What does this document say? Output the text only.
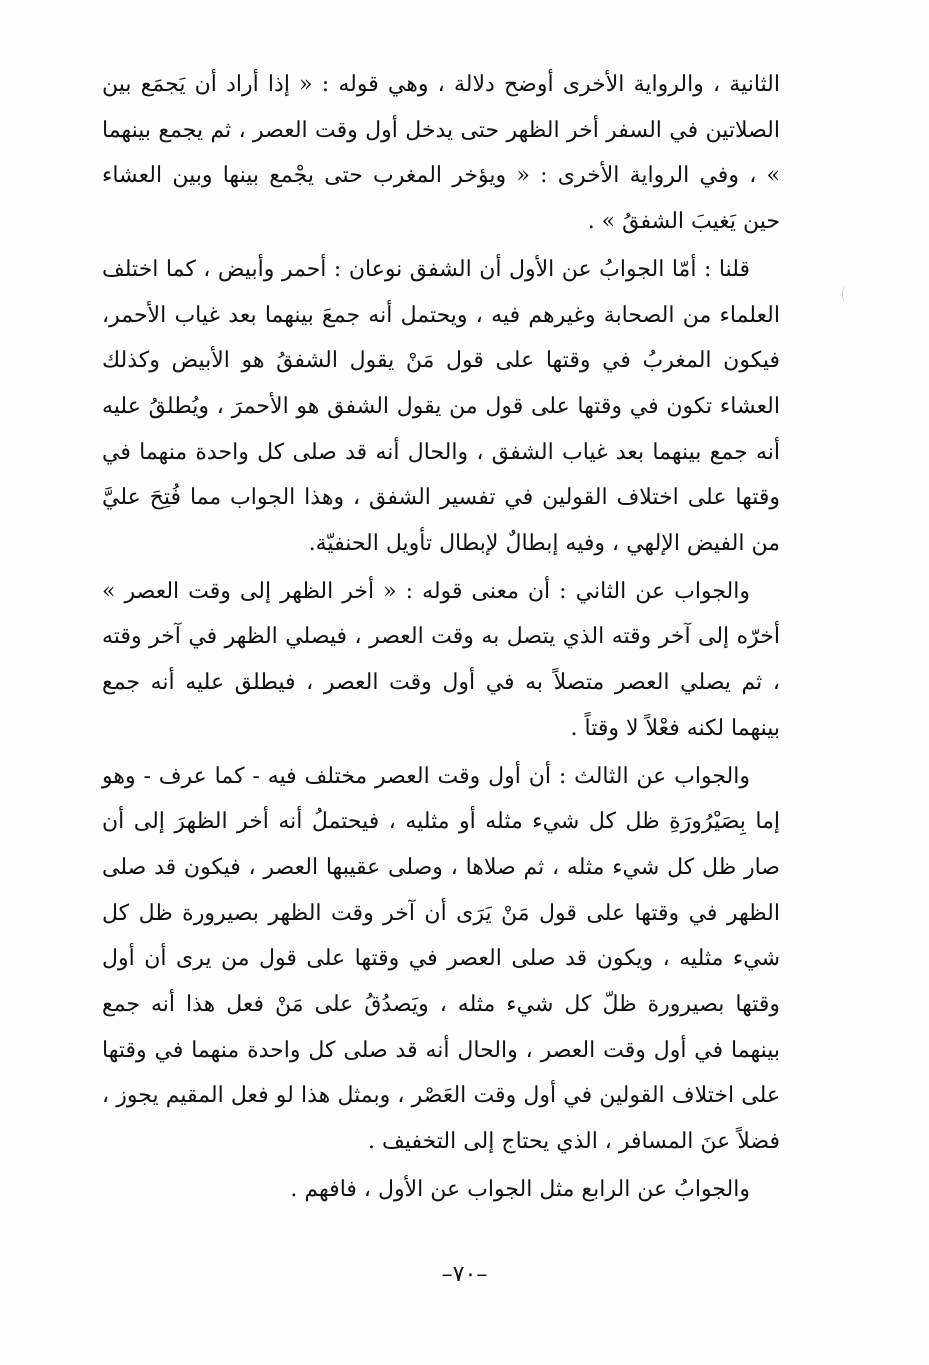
الثانية ، والرواية الأخرى أوضح دلالة ، وهي قوله : « إذا أراد أن يَجمَع بين الصلاتين في السفر أخر الظهر حتى يدخل أول وقت العصر ، ثم يجمع بينهما » ، وفي الرواية الأخرى : « ويؤخر المغرب حتى يجْمع بينها وبين العشاء حين يَغيبَ الشفقُ » .

قلنا : أمّا الجوابُ عن الأول أن الشفق نوعان : أحمر وأبيض ، كما اختلف العلماء من الصحابة وغيرهم فيه ، ويحتمل أنه جمعَ بينهما بعد غياب الأحمر، فيكون المغربُ في وقتها على قول مَنْ يقول الشفقُ هو الأبيض وكذلك العشاء تكون في وقتها على قول من يقول الشفق هو الأحمرَ ، ويُطلقُ عليه أنه جمع بينهما بعد غياب الشفق ، والحال أنه قد صلى كل واحدة منهما في وقتها على اختلاف القولين في تفسير الشفق ، وهذا الجواب مما فُتِحَ عليَّ من الفيض الإلهي ، وفيه إبطالٌ لإبطال تأويل الحنفيّة.

والجواب عن الثاني : أن معنى قوله : « أخر الظهر إلى وقت العصر » أخرّه إلى آخر وقته الذي يتصل به وقت العصر ، فيصلي الظهر في آخر وقته ، ثم يصلي العصر متصلاً به في أول وقت العصر ، فيطلق عليه أنه جمع بينهما لكنه فعْلاً لا وقتاً .

والجواب عن الثالث : أن أول وقت العصر مختلف فيه - كما عرف - وهو إما بِصَيْرُورَةِ ظل كل شيء مثله أو مثليه ، فيحتملُ أنه أخر الظهرَ إلى أن صار ظل كل شيء مثله ، ثم صلاها ، وصلى عقيبها العصر ، فيكون قد صلى الظهر في وقتها على قول مَنْ يَرَى أن آخر وقت الظهر بصيرورة ظل كل شيء مثليه ، ويكون قد صلى العصر في وقتها على قول من يرى أن أول وقتها بصيرورة ظلّ كل شيء مثله ، ويَصدُقُ على مَنْ فعل هذا أنه جمع بينهما في أول وقت العصر ، والحال أنه قد صلى كل واحدة منهما في وقتها على اختلاف القولين في أول وقت العَصْر ، وبمثل هذا لو فعل المقيم يجوز ، فضلاً عنَ المسافر ، الذي يحتاج إلى التخفيف .

والجوابُ عن الرابع مثل الجواب عن الأول ، فافهم .

–٧٠–
